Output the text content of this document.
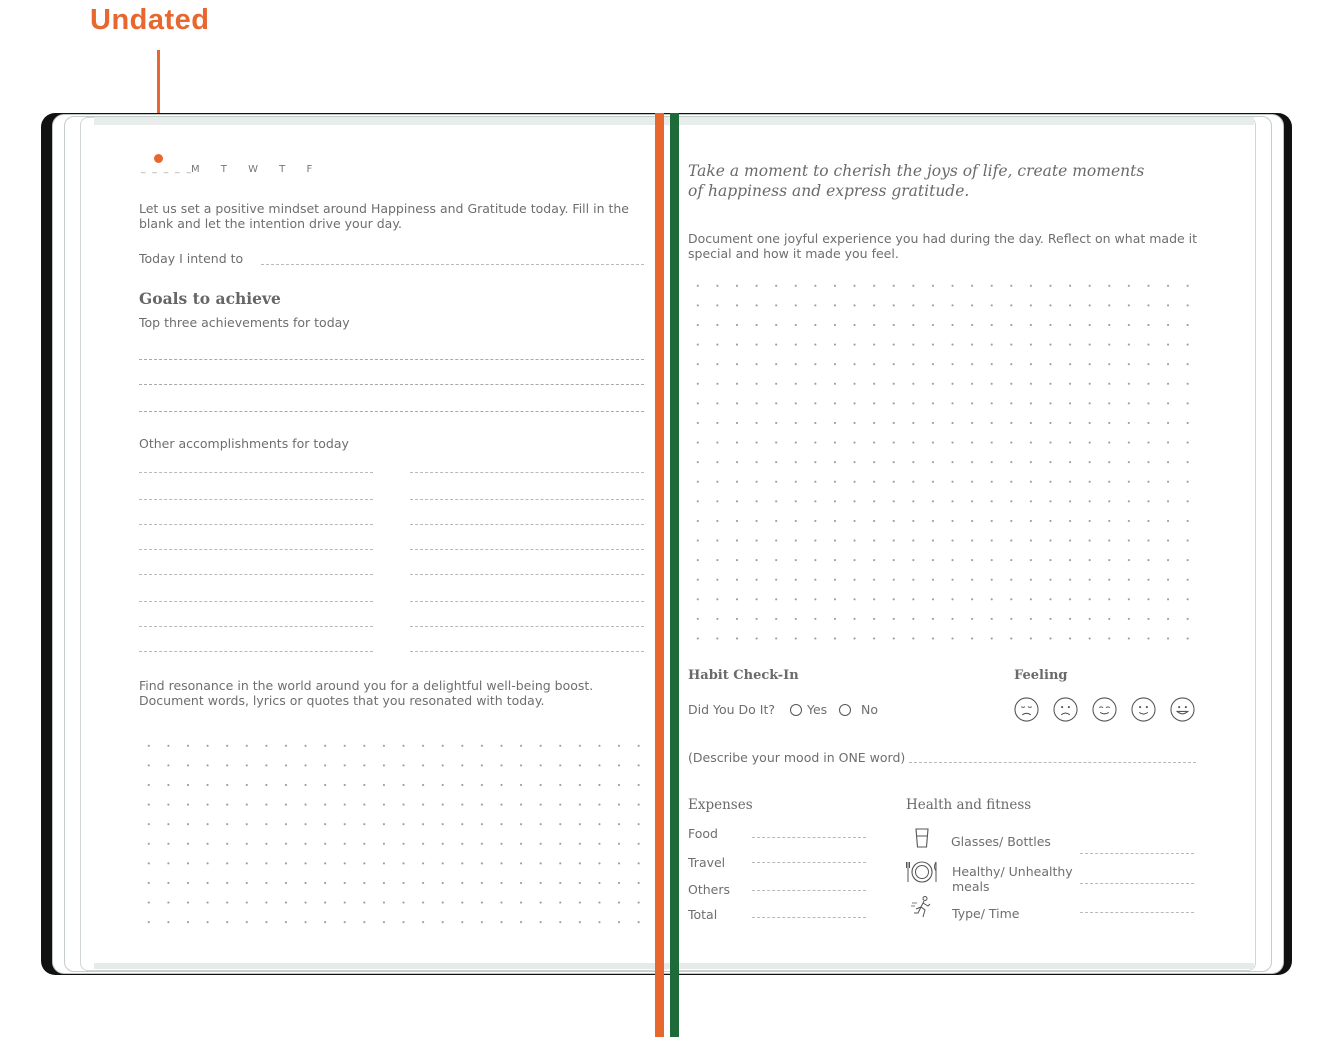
Undated
_ _ _ _ _
M T W T F
Let us set a positive mindset around Happiness and Gratitude today. Fill in the blank and let the intention drive your day.
Today I intend to
Goals to achieve
Top three achievements for today
Other accomplishments for today
Find resonance in the world around you for a delightful well-being boost. Document words, lyrics or quotes that you resonated with today.
Take a moment to cherish the joys of life, create moments of happiness and express gratitude.
Document one joyful experience you had during the day. Reflect on what made it special and how it made you feel.
Habit Check-In	Feeling
Did You Do It?	Yes	No
(Describe your mood in ONE word)
Expenses	Health and fitness
Food
Travel
Others
Total
Glasses/ Bottles
Healthy/ Unhealthy meals
Type/ Time
